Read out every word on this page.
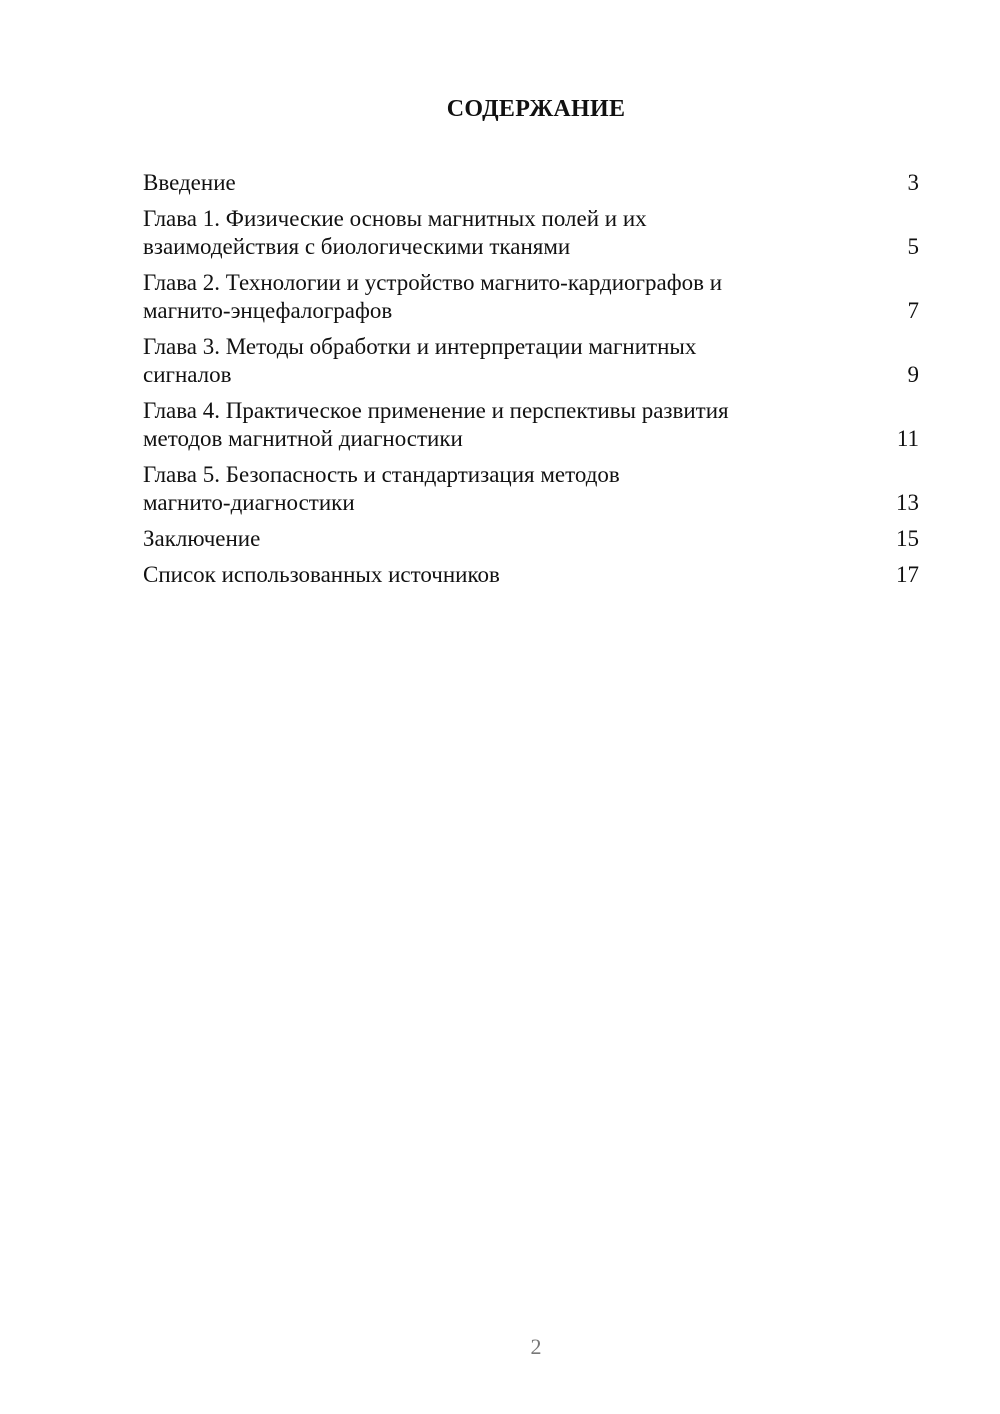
СОДЕРЖАНИЕ
Введение	3
Глава 1. Физические основы магнитных полей и их
взаимодействия с биологическими тканями	5
Глава 2. Технологии и устройство магнито-кардиографов и
магнито-энцефалографов	7
Глава 3. Методы обработки и интерпретации магнитных
сигналов	9
Глава 4. Практическое применение и перспективы развития
методов магнитной диагностики	11
Глава 5. Безопасность и стандартизация методов
магнито-диагностики	13
Заключение	15
Список использованных источников	17
2
